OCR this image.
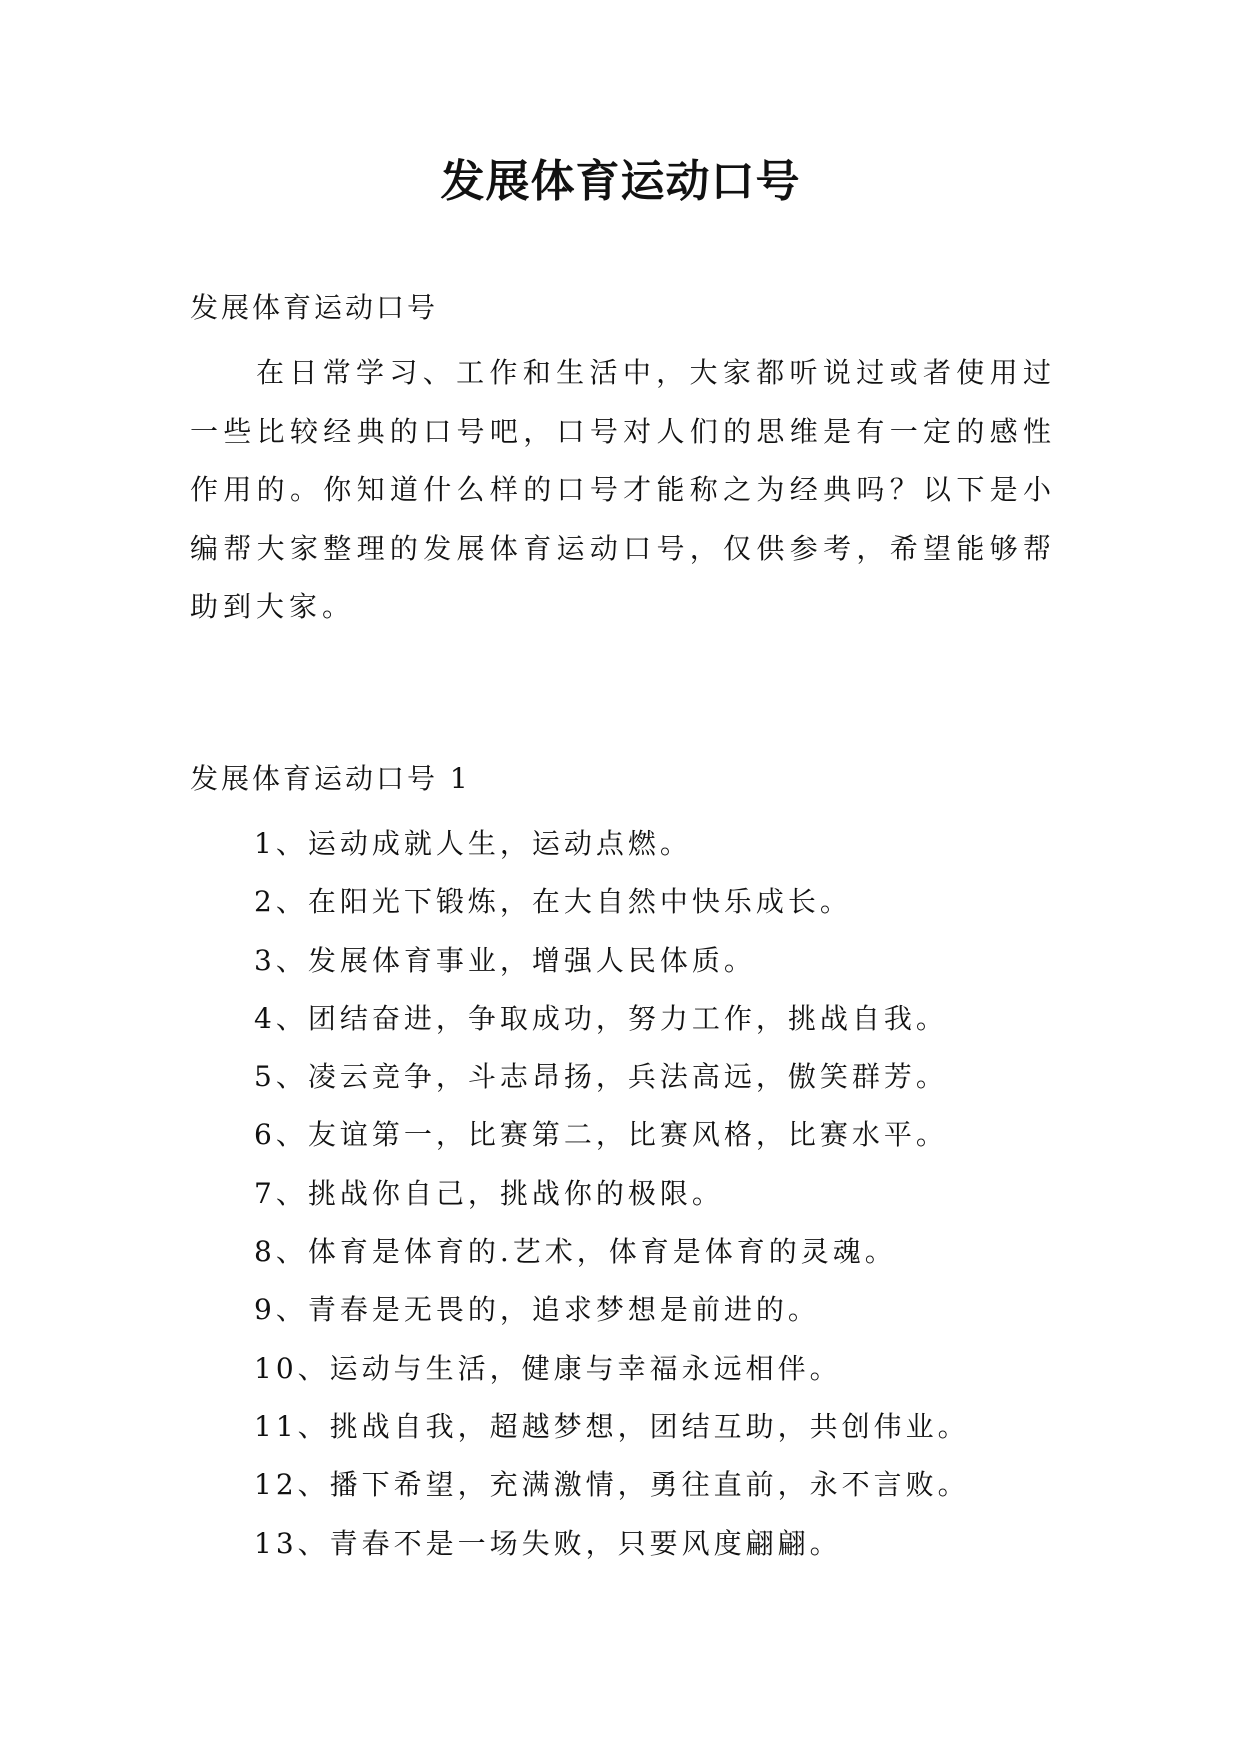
发展体育运动口号

发展体育运动口号

在日常学习、工作和生活中，大家都听说过或者使用过一些比较经典的口号吧，口号对人们的思维是有一定的感性作用的。你知道什么样的口号才能称之为经典吗？以下是小编帮大家整理的发展体育运动口号，仅供参考，希望能够帮助到大家。

发展体育运动口号 1

1、运动成就人生，运动点燃。
2、在阳光下锻炼，在大自然中快乐成长。
3、发展体育事业，增强人民体质。
4、团结奋进，争取成功，努力工作，挑战自我。
5、凌云竞争，斗志昂扬，兵法高远，傲笑群芳。
6、友谊第一，比赛第二，比赛风格，比赛水平。
7、挑战你自己，挑战你的极限。
8、体育是体育的.艺术，体育是体育的灵魂。
9、青春是无畏的，追求梦想是前进的。
10、运动与生活，健康与幸福永远相伴。
11、挑战自我，超越梦想，团结互助，共创伟业。
12、播下希望，充满激情，勇往直前，永不言败。
13、青春不是一场失败，只要风度翩翩。
